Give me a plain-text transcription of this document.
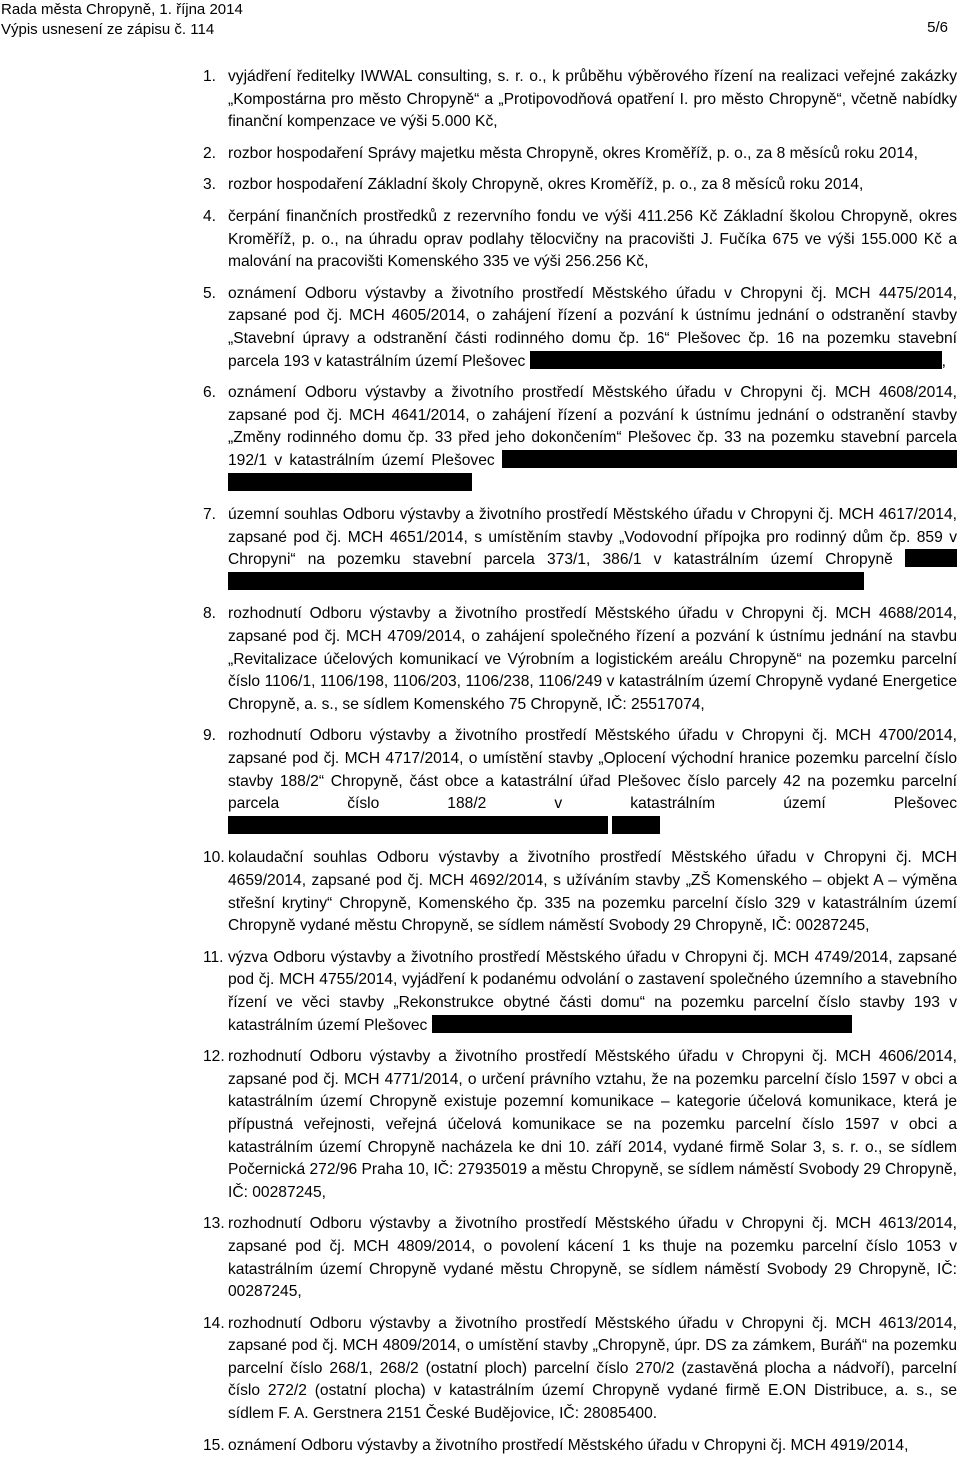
Rada města Chropyně, 1. října 2014
Výpis usnesení ze zápisu č. 114	5/6
1. vyjádření ředitelky IWWAL consulting, s. r. o., k průběhu výběrového řízení na realizaci veřejné zakázky „Kompostárna pro město Chropyně“ a „Protipovodňová opatření I. pro město Chropyně“, včetně nabídky finanční kompenzace ve výši 5.000 Kč,
2. rozbor hospodaření Správy majetku města Chropyně, okres Kroměříž, p. o., za 8 měsíců roku 2014,
3. rozbor hospodaření Základní školy Chropyně, okres Kroměříž, p. o., za 8 měsíců roku 2014,
4. čerpání finančních prostředků z rezervního fondu ve výši 411.256 Kč Základní školou Chropyně, okres Kroměříž, p. o., na úhradu oprav podlahy tělocvičny na pracovišti J. Fučíka 675 ve výši 155.000 Kč a malování na pracovišti Komenského 335 ve výši 256.256 Kč,
5. oznámení Odboru výstavby a životního prostředí Městského úřadu v Chropyni čj. MCH 4475/2014, zapsané pod čj. MCH 4605/2014, o zahájení řízení a pozvání k ústnímu jednání o odstranění stavby „Stavební úpravy a odstranění části rodinného domu čp. 16“ Plešovec čp. 16 na pozemku stavební parcela 193 v katastrálním území Plešovec	,
6. oznámení Odboru výstavby a životního prostředí Městského úřadu v Chropyni čj. MCH 4608/2014, zapsané pod čj. MCH 4641/2014, o zahájení řízení a pozvání k ústnímu jednání o odstranění stavby „Změny rodinného domu čp. 33 před jeho dokončením“ Plešovec čp. 33 na pozemku stavební parcela 192/1 v katastrálním území Plešovec
7. územní souhlas Odboru výstavby a životního prostředí Městského úřadu v Chropyni čj. MCH 4617/2014, zapsané pod čj. MCH 4651/2014, s umístěním stavby „Vodovodní přípojka pro rodinný dům čp. 859 v Chropyni“ na pozemku stavební parcela 373/1, 386/1 v katastrálním území Chropyně
8. rozhodnutí Odboru výstavby a životního prostředí Městského úřadu v Chropyni čj. MCH 4688/2014, zapsané pod čj. MCH 4709/2014, o zahájení společného řízení a pozvání k ústnímu jednání na stavbu „Revitalizace účelových komunikací ve Výrobním a logistickém areálu Chropyně“ na pozemku parcelní číslo 1106/1, 1106/198, 1106/203, 1106/238, 1106/249 v katastrálním území Chropyně vydané Energetice Chropyně, a. s., se sídlem Komenského 75 Chropyně, IČ: 25517074,
9. rozhodnutí Odboru výstavby a životního prostředí Městského úřadu v Chropyni čj. MCH 4700/2014, zapsané pod čj. MCH 4717/2014, o umístění stavby „Oplocení východní hranice pozemku parcelní číslo stavby 188/2“ Chropyně, část obce a katastrální úřad Plešovec číslo parcely 42 na pozemku parcelní parcela číslo 188/2 v katastrálním území Plešovec
10. kolaudační souhlas Odboru výstavby a životního prostředí Městského úřadu v Chropyni čj. MCH 4659/2014, zapsané pod čj. MCH 4692/2014, s užíváním stavby „ZŠ Komenského – objekt A – výměna střešní krytiny“ Chropyně, Komenského čp. 335 na pozemku parcelní číslo 329 v katastrálním území Chropyně vydané městu Chropyně, se sídlem náměstí Svobody 29 Chropyně, IČ: 00287245,
11. výzva Odboru výstavby a životního prostředí Městského úřadu v Chropyni čj. MCH 4749/2014, zapsané pod čj. MCH 4755/2014, vyjádření k podanému odvolání o zastavení společného územního a stavebního řízení ve věci stavby „Rekonstrukce obytné části domu“ na pozemku parcelní číslo stavby 193 v katastrálním území Plešovec
12. rozhodnutí Odboru výstavby a životního prostředí Městského úřadu v Chropyni čj. MCH 4606/2014, zapsané pod čj. MCH 4771/2014, o určení právního vztahu, že na pozemku parcelní číslo 1597 v obci a katastrálním území Chropyně existuje pozemní komunikace – kategorie účelová komunikace, která je přípustná veřejnosti, veřejná účelová komunikace se na pozemku parcelní číslo 1597 v obci a katastrálním území Chropyně nacházela ke dni 10. září 2014, vydané firmě Solar 3, s. r. o., se sídlem Počernická 272/96 Praha 10, IČ: 27935019 a městu Chropyně, se sídlem náměstí Svobody 29 Chropyně, IČ: 00287245,
13. rozhodnutí Odboru výstavby a životního prostředí Městského úřadu v Chropyni čj. MCH 4613/2014, zapsané pod čj. MCH 4809/2014, o povolení kácení 1 ks thuje na pozemku parcelní číslo 1053 v katastrálním území Chropyně vydané městu Chropyně, se sídlem náměstí Svobody 29 Chropyně, IČ: 00287245,
14. rozhodnutí Odboru výstavby a životního prostředí Městského úřadu v Chropyni čj. MCH 4613/2014, zapsané pod čj. MCH 4809/2014, o umístění stavby „Chropyně, úpr. DS za zámkem, Buráň“ na pozemku parcelní číslo 268/1, 268/2 (ostatní ploch) parcelní číslo 270/2 (zastavěná plocha a nádvoří), parcelní číslo 272/2 (ostatní plocha) v katastrálním území Chropyně vydané firmě E.ON Distribuce, a. s., se sídlem F. A. Gerstnera 2151 České Budějovice, IČ: 28085400.
15. oznámení Odboru výstavby a životního prostředí Městského úřadu v Chropyni čj. MCH 4919/2014,
